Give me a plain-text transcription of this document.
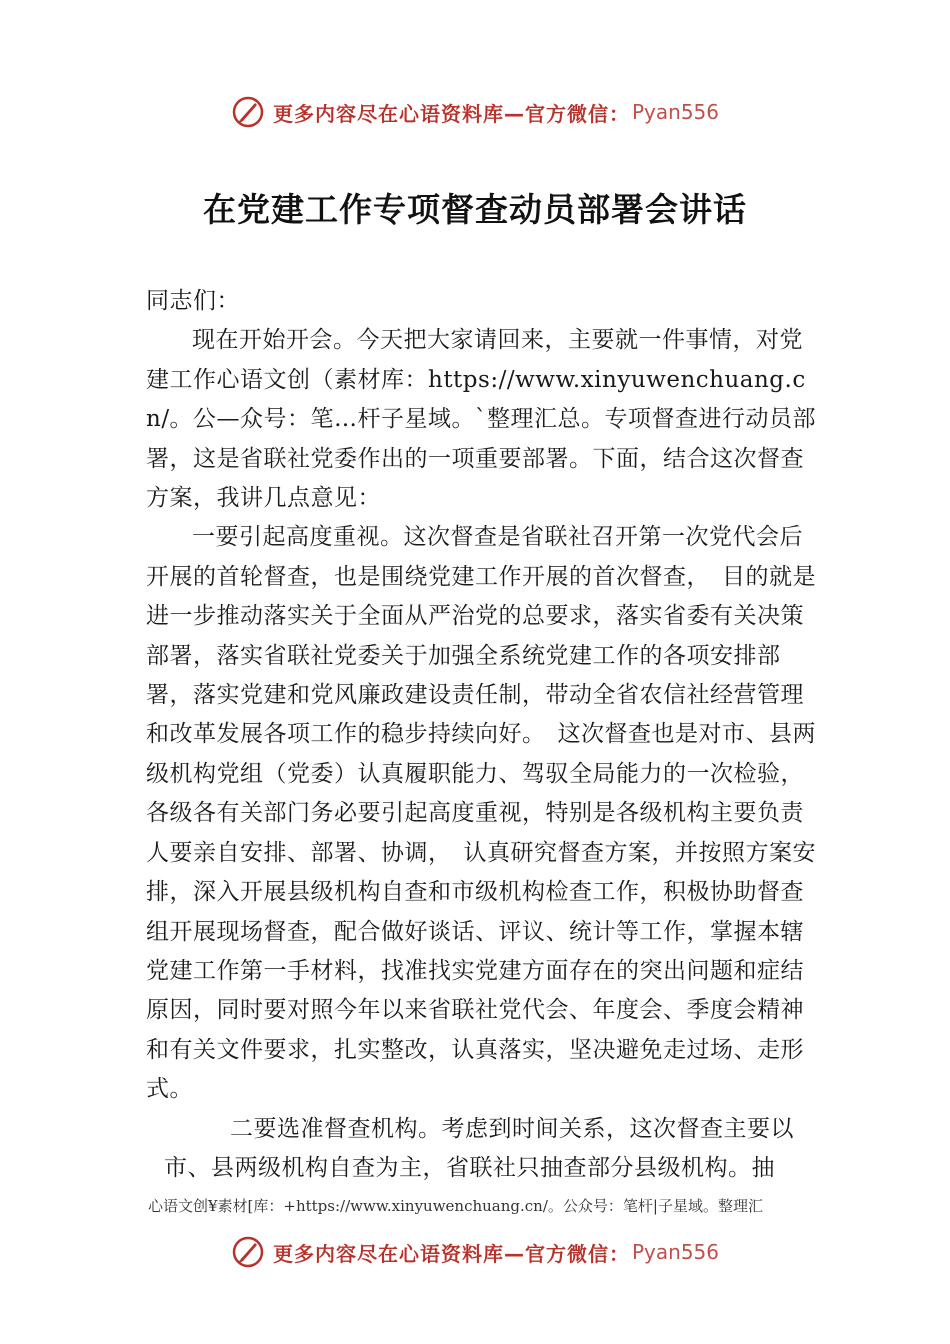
更多内容尽在心语资料库—官方微信： Pyan556
在党建工作专项督查动员部署会讲话

同志们：

现在开始开会。今天把大家请回来，主要就一件事情，对党建工作心语文创（素材库：https://www.xinyuwenchuang.cn/。公—众号：笔…杆子星域。`整理汇总。专项督查进行动员部署，这是省联社党委作出的一项重要部署。下面，结合这次督查方案，我讲几点意见：

一要引起高度重视。这次督查是省联社召开第一次党代会后开展的首轮督查，也是围绕党建工作开展的首次督查，　目的就是进一步推动落实关于全面从严治党的总要求，落实省委有关决策部署，落实省联社党委关于加强全系统党建工作的各项安排部署，落实党建和党风廉政建设责任制，带动全省农信社经营管理和改革发展各项工作的稳步持续向好。　这次督查也是对市、县两级机构党组（党委）认真履职能力、驾驭全局能力的一次检验，各级各有关部门务必要引起高度重视，特别是各级机构主要负责人要亲自安排、部署、协调，　认真研究督查方案，并按照方案安排，深入开展县级机构自查和市级机构检查工作，积极协助督查组开展现场督查，配合做好谈话、评议、统计等工作，掌握本辖党建工作第一手材料，找准找实党建方面存在的突出问题和症结原因，同时要对照今年以来省联社党代会、年度会、季度会精神和有关文件要求，扎实整改，认真落实，坚决避免走过场、走形式。

二要选准督查机构。考虑到时间关系，这次督查主要以

市、县两级机构自查为主，省联社只抽查部分县级机构。抽

心语文创¥素材[库：+https://www.xinyuwenchuang.cn/。公众号：笔杆|子星域。整理汇
更多内容尽在心语资料库—官方微信： Pyan556
